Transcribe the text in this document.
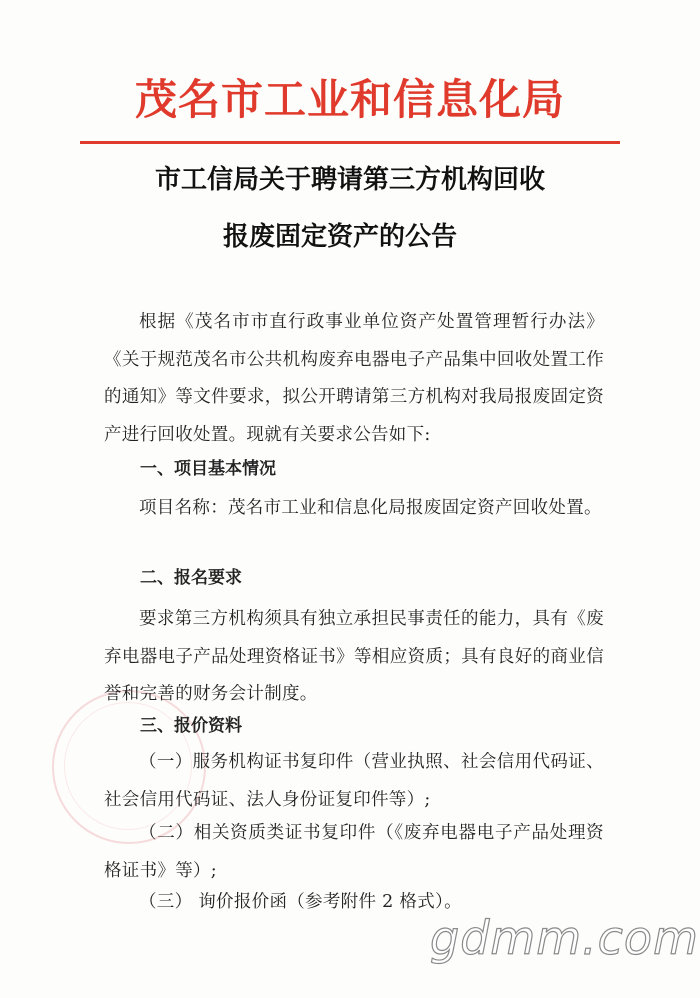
茂名市工业和信息化局
市工信局关于聘请第三方机构回收
报废固定资产的公告
根据《茂名市市直行政事业单位资产处置管理暂行办法》《关于规范茂名市公共机构废弃电器电子产品集中回收处置工作的通知》等文件要求，拟公开聘请第三方机构对我局报废固定资产进行回收处置。现就有关要求公告如下:
一、项目基本情况
项目名称：茂名市工业和信息化局报废固定资产回收处置。
二、报名要求
要求第三方机构须具有独立承担民事责任的能力，具有《废弃电器电子产品处理资格证书》等相应资质；具有良好的商业信誉和完善的财务会计制度。
三、报价资料
（一）服务机构证书复印件（营业执照、社会信用代码证、社会信用代码证、法人身份证复印件等）;
（二）相关资质类证书复印件（《废弃电器电子产品处理资格证书》等）;
（三） 询价报价函（参考附件 2 格式）。
gdmm.com
